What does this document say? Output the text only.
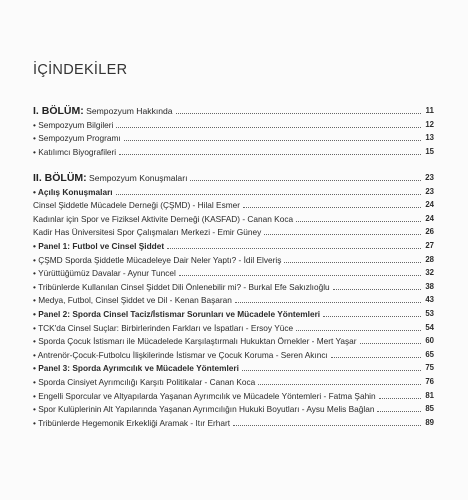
İÇİNDEKİLER
I. BÖLÜM: Sempozyum Hakkında	11
• Sempozyum Bilgileri	12
• Sempozyum Programı	13
• Katılımcı Biyografileri	15
II. BÖLÜM: Sempozyum Konuşmaları	23
• Açılış Konuşmaları	23
Cinsel Şiddetle Mücadele Derneği (ÇŞMD) - Hilal Esmer	24
Kadınlar için Spor ve Fiziksel Aktivite Derneği (KASFAD) - Canan Koca	24
Kadir Has Üniversitesi Spor Çalışmaları Merkezi - Emir Güney	26
• Panel 1: Futbol ve Cinsel Şiddet	27
• ÇŞMD Sporda Şiddetle Mücadeleye Dair Neler Yaptı? - İdil Elveriş	28
• Yürüttüğümüz Davalar - Aynur Tuncel	32
• Tribünlerde Kullanılan Cinsel Şiddet Dili Önlenebilir mi? - Burkal Efe Sakızlıoğlu	38
• Medya, Futbol, Cinsel Şiddet ve Dil - Kenan Başaran	43
• Panel 2: Sporda Cinsel Taciz/İstismar Sorunları ve Mücadele Yöntemleri	53
• TCK'da Cinsel Suçlar: Birbirlerinden Farkları ve İspatları - Ersoy Yüce	54
• Sporda Çocuk İstismarı ile Mücadelede Karşılaştırmalı Hukuktan Örnekler - Mert Yaşar	60
• Antrenör-Çocuk-Futbolcu İlişkilerinde İstismar ve Çocuk Koruma - Seren Akıncı	65
• Panel 3: Sporda Ayrımcılık ve Mücadele Yöntemleri	75
• Sporda Cinsiyet Ayrımcılığı Karşıtı Politikalar - Canan Koca	76
• Engelli Sporcular ve Altyapılarda Yaşanan Ayrımcılık ve Mücadele Yöntemleri - Fatma Şahin	81
• Spor Kulüplerinin Alt Yapılarında Yaşanan Ayrımcılığın Hukuki Boyutları - Aysu Melis Bağlan	85
• Tribünlerde Hegemonik Erkekliği Aramak - Itır Erhart	89
